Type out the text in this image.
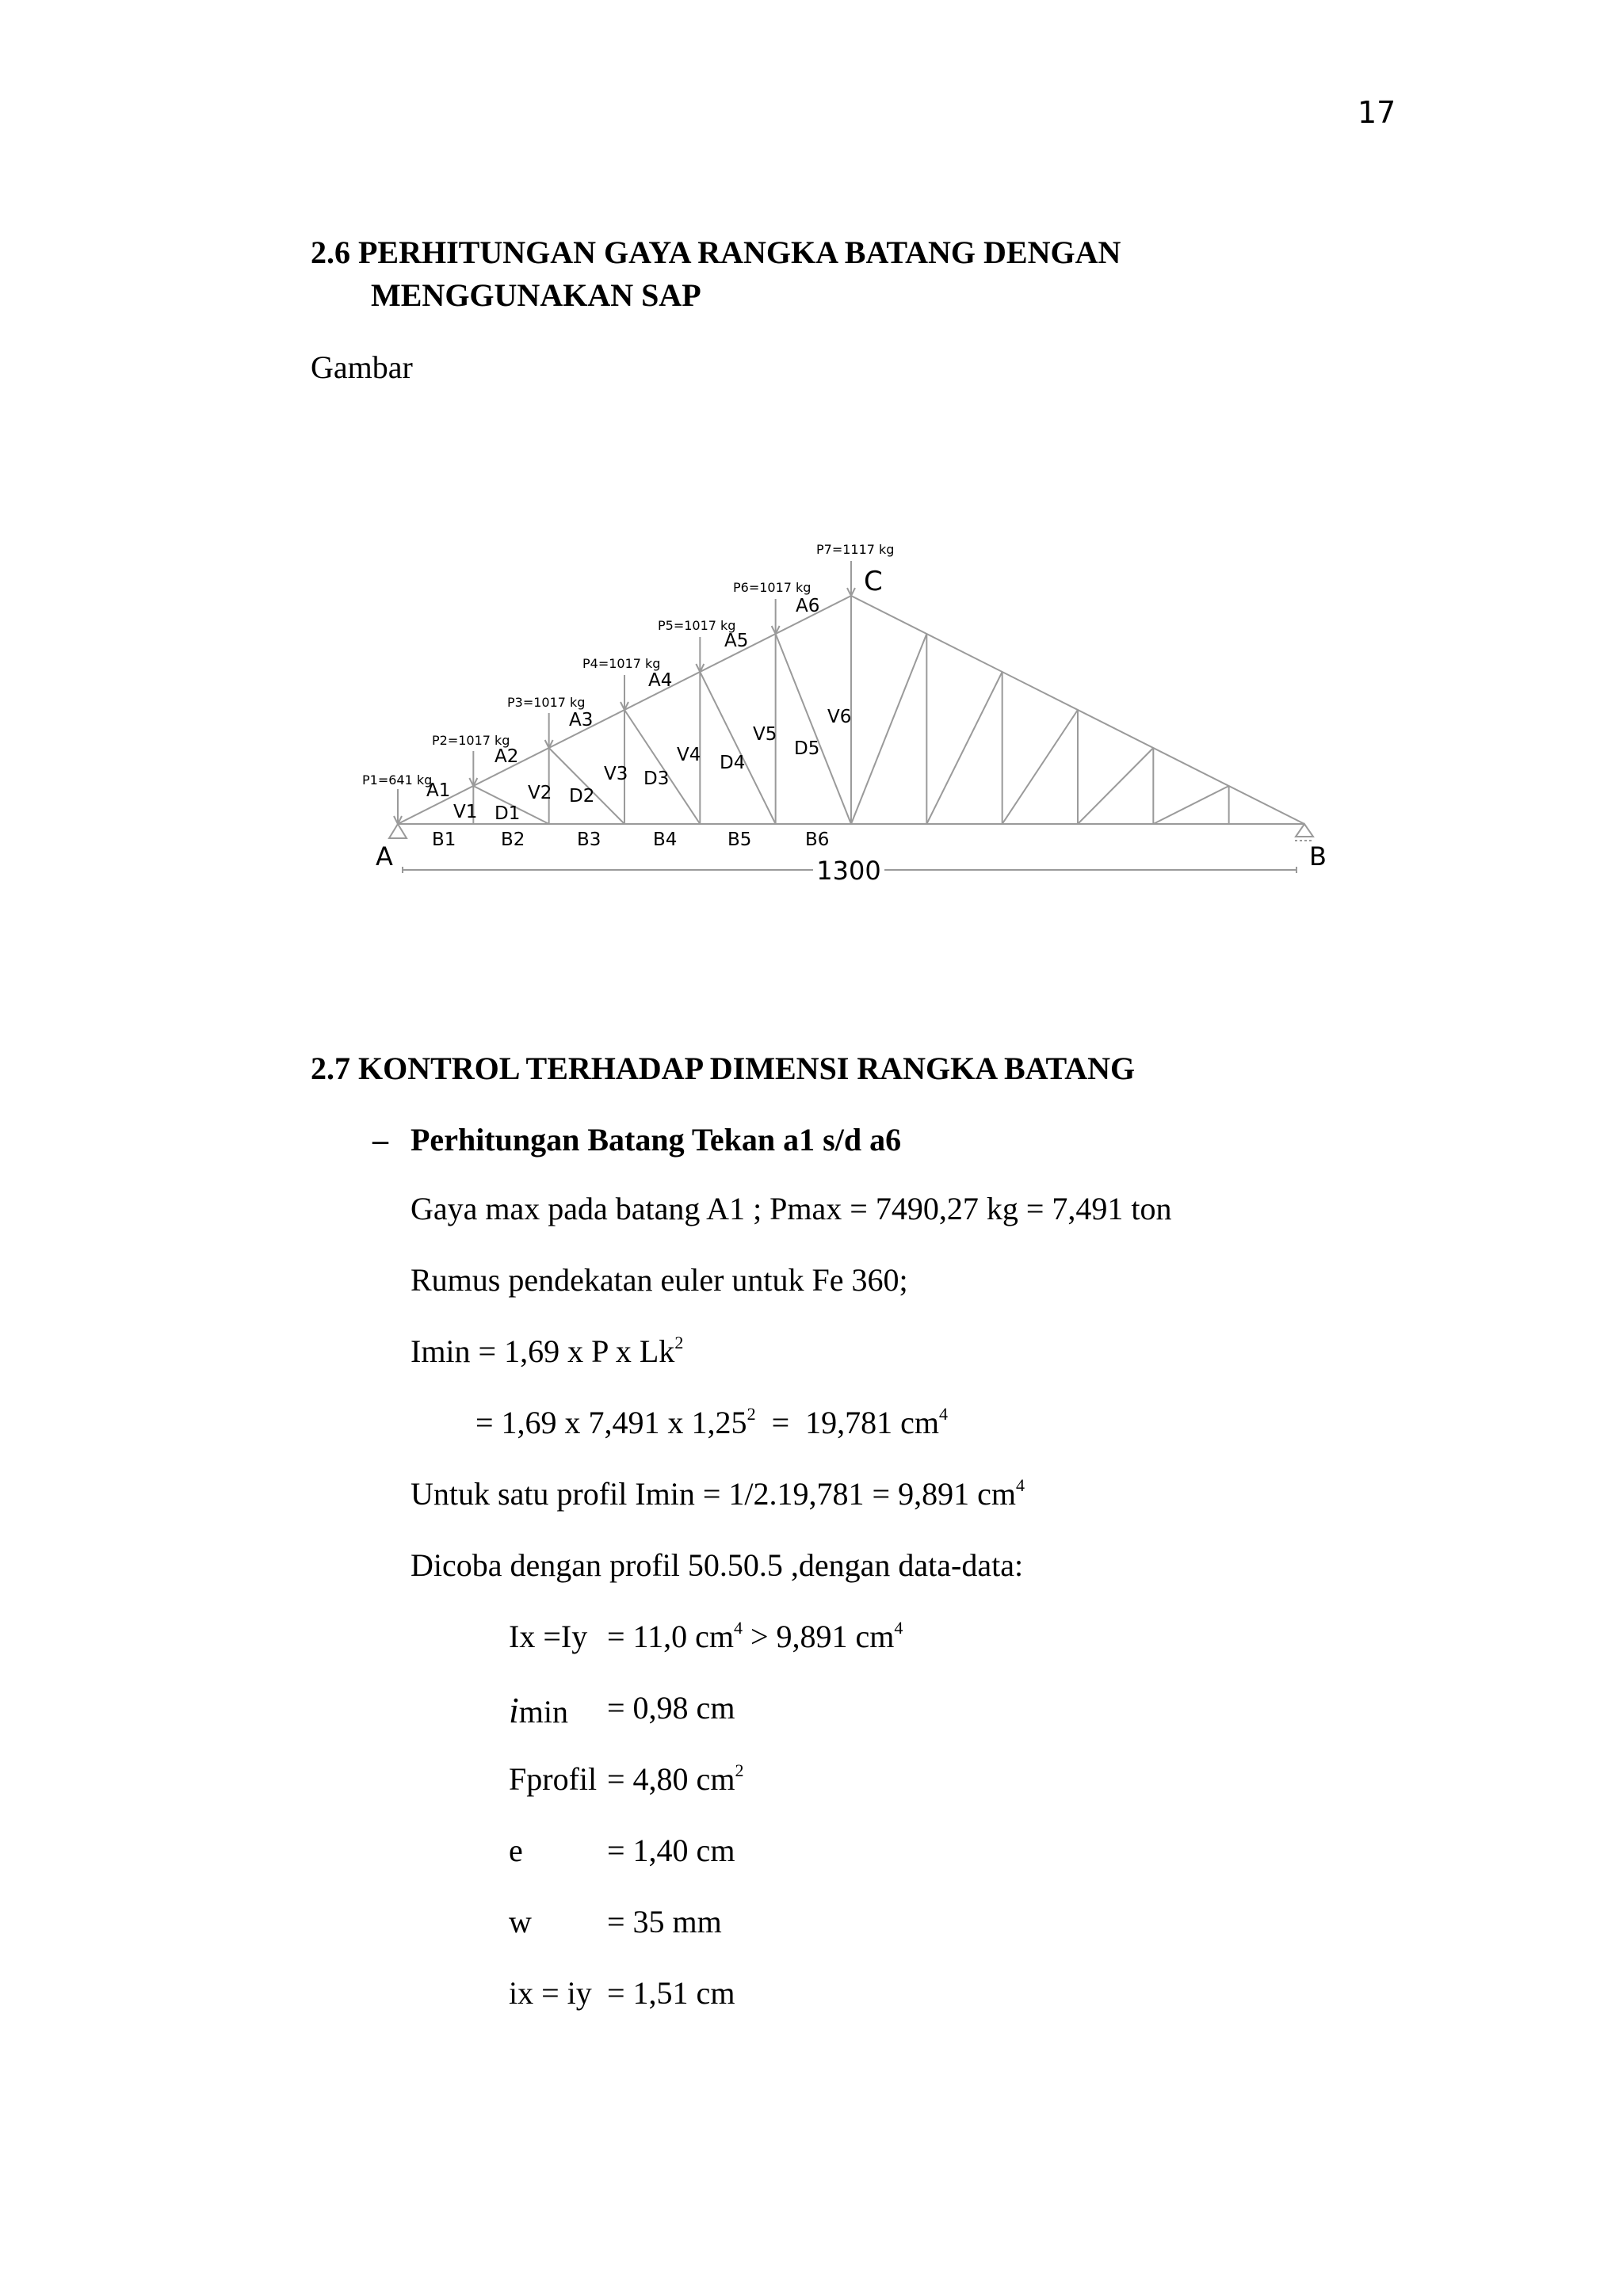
17
2.6 PERHITUNGAN GAYA RANGKA BATANG DENGAN
MENGGUNAKAN SAP
Gambar
P1=641 kg
P2=1017 kg
P3=1017 kg
P4=1017 kg
P5=1017 kg
P6=1017 kg
P7=1117 kg
A1
A2
A3
A4
A5
A6
V1
V2
V3
V4
V5
V6
D1
D2
D3
D4
D5
B1 B2	B3	B4	B5	B6
A	B
C
1300
2.7 KONTROL TERHADAP DIMENSI RANGKA BATANG
– Perhitungan Batang Tekan a1 s/d a6
Gaya max pada batang A1 ; Pmax = 7490,27 kg = 7,491 ton
Rumus pendekatan euler untuk Fe 360;
Imin = 1,69 x P x $Lk^2$
= 1,69 x 7,491 x 1,25$^2$  =  19,781 $cm^4$
Untuk satu profil Imin = 1/2.19,781 = 9,891 $cm^4$
Dicoba dengan profil 50.50.5 ,dengan data-data:
Ix =Iy = 11,0 $cm^4 > 9,891$ $cm^4$
imin = 0,98 cm
Fprofil = 4,80 $cm^2$
e	= 1,40 cm
w = 35 mm
ix = iy = 1,51 cm
